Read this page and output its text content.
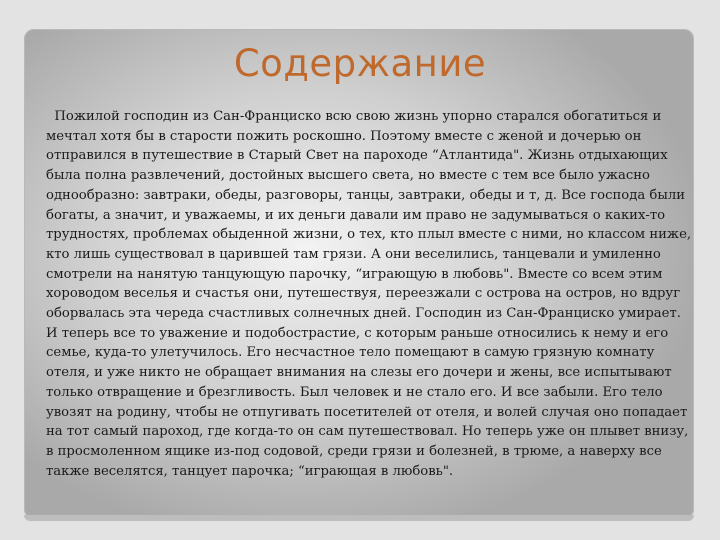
Содержание
Пожилой господин из Сан-Франциско всю свою жизнь упорно старался обогатиться и
мечтал хотя бы в старости пожить роскошно. Поэтому вместе с женой и дочерью он
отправился в путешествие в Старый Свет на пароходе “Атлантида". Жизнь отдыхающих
была полна развлечений, достойных высшего света, но вместе с тем все было ужасно
однообразно: завтраки, обеды, разговоры, танцы, завтраки, обеды и т, д. Все господа были
богаты, а значит, и уважаемы, и их деньги давали им право не задумываться о каких-то
трудностях, проблемах обыденной жизни, о тех, кто плыл вместе с ними, но классом ниже,
кто лишь существовал в царившей там грязи. А они веселились, танцевали и умиленно
смотрели на нанятую танцующую парочку, “играющую в любовь". Вместе со всем этим
хороводом веселья и счастья они, путешествуя, переезжали с острова на остров, но вдруг
оборвалась эта череда счастливых солнечных дней. Господин из Сан-Франциско умирает.
И теперь все то уважение и подобострастие, с которым раньше относились к нему и его
семье, куда-то улетучилось. Его несчастное тело помещают в самую грязную комнату
отеля, и уже никто не обращает внимания на слезы его дочери и жены, все испытывают
только отвращение и брезгливость. Был человек и не стало его. И все забыли. Его тело
увозят на родину, чтобы не отпугивать посетителей от отеля, и волей случая оно попадает
на тот самый пароход, где когда-то он сам путешествовал. Но теперь уже он плывет внизу,
в просмоленном ящике из-под содовой, среди грязи и болезней, в трюме, а наверху все
также веселятся, танцует парочка; “играющая в любовь".
